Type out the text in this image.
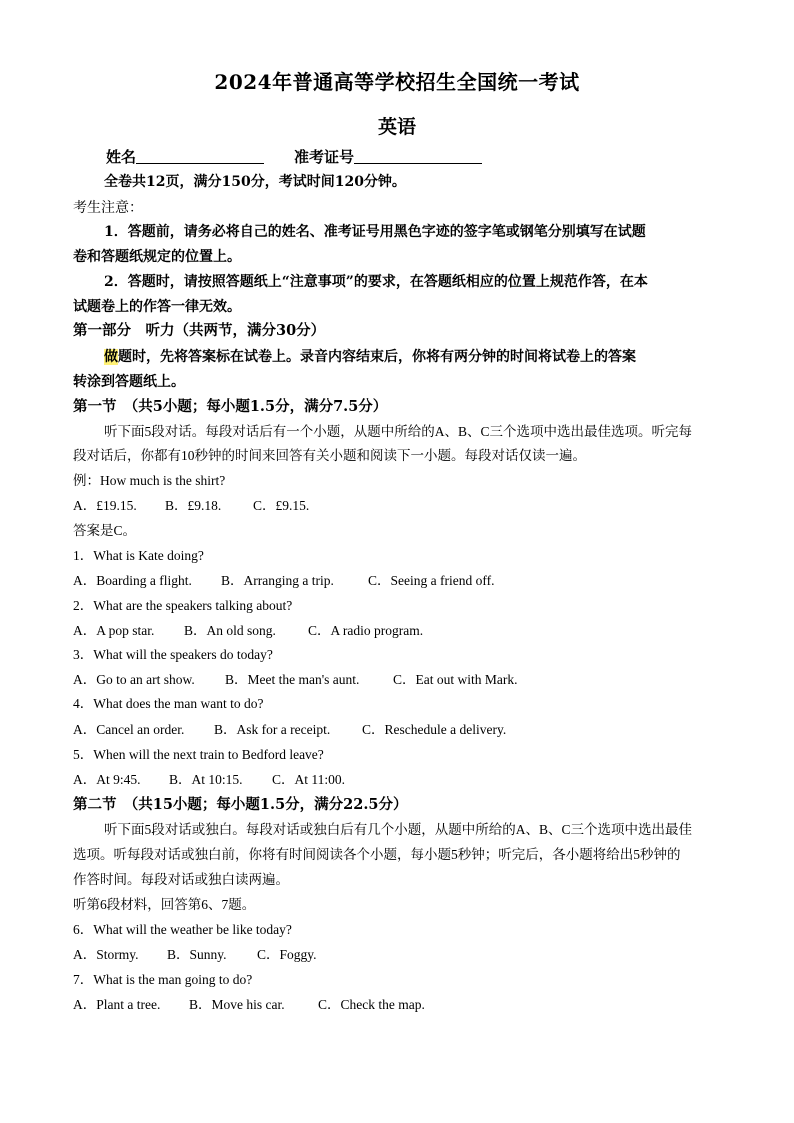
2024年普通高等学校招生全国统一考试
英语
姓名	准考证号
全卷共12页，满分150分，考试时间120分钟。
考生注意：
1．答题前，请务必将自己的姓名、准考证号用黑色字迹的签字笔或钢笔分别填写在试题
卷和答题纸规定的位置上。
2．答题时，请按照答题纸上“注意事项”的要求，在答题纸相应的位置上规范作答，在本
试题卷上的作答一律无效。
第一部分　听力（共两节，满分30分）
做题时，先将答案标在试卷上。录音内容结束后，你将有两分钟的时间将试卷上的答案
转涂到答题纸上。
第一节　（共5小题；每小题1.5分，满分7.5分）
听下面5段对话。每段对话后有一个小题，从题中所给的A、B、C三个选项中选出最佳选项。听完每
段对话后，你都有10秒钟的时间来回答有关小题和阅读下一小题。每段对话仅读一遍。
例：How much is the shirt?
A．£19.15. B．£9.18. C．£9.15.
答案是C。
1．What is Kate doing?
A．Boarding a flight. B．Arranging a trip.	C．Seeing a friend off.
2．What are the speakers talking about?
A．A pop star. B．An old song. C．A radio program.
3．What will the speakers do today?
A．Go to an art show. B．Meet the man's aunt. C．Eat out with Mark.
4．What does the man want to do?
A．Cancel an order. B．Ask for a receipt. C．Reschedule a delivery.
5．When will the next train to Bedford leave?
A．At 9:45. B．At 10:15. C．At 11:00.
第二节　（共15小题；每小题1.5分，满分22.5分）
听下面5段对话或独白。每段对话或独白后有几个小题，从题中所给的A、B、C三个选项中选出最佳
选项。听每段对话或独白前，你将有时间阅读各个小题，每小题5秒钟；听完后，各小题将给出5秒钟的
作答时间。每段对话或独白读两遍。
听第6段材料，回答第6、7题。
6．What will the weather be like today?
A．Stormy. B．Sunny. C．Foggy.
7．What is the man going to do?
A．Plant a tree. B．Move his car. C．Check the map.
